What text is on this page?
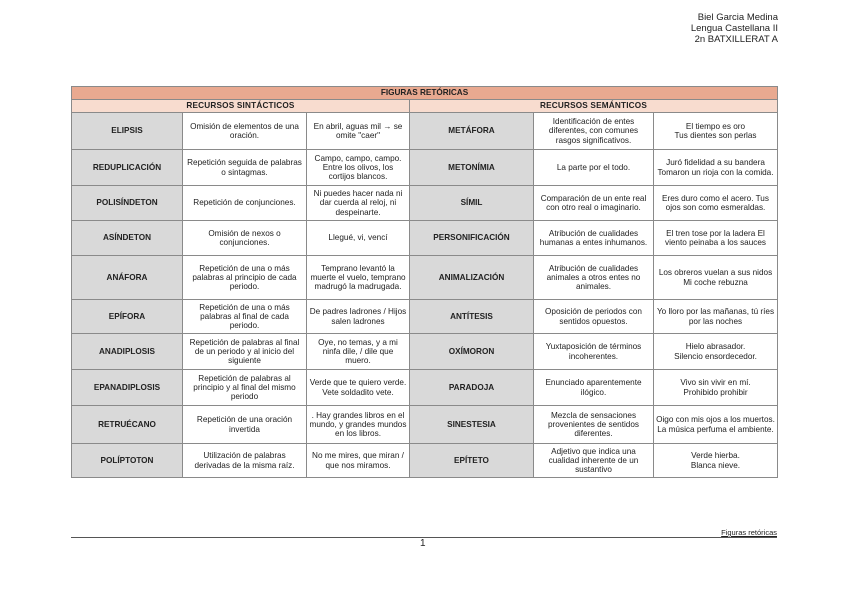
Biel Garcia Medina
Lengua Castellana II
2n BATXILLERAT A
FIGURAS RETÓRICAS					
RECURSOS SINTÁCTICOS			RECURSOS SEMÁNTICOS		
ELIPSIS	Omisión de elementos de una oración.	En abril, aguas mil → se omite "caer"	METÁFORA	Identificación de entes diferentes, con comunes rasgos significativos.	El tiempo es oro
Tus dientes son perlas
REDUPLICACIÓN	Repetición seguida de palabras o sintagmas.	Campo, campo, campo.
Entre los olivos, los cortijos blancos.	METONÍMIA	La parte por el todo.	Juró fidelidad a su bandera
Tomaron un rioja con la comida.
POLISÍNDETON	Repetición de conjunciones.	Ni puedes hacer nada ni dar cuerda al reloj, ni despeinarte.	SÍMIL	Comparación de un ente real con otro real o imaginario.	Eres duro como el acero. Tus ojos son como esmeraldas.
ASÍNDETON	Omisión de nexos o conjunciones.	Llegué, vi, vencí	PERSONIFICACIÓN	Atribución de cualidades humanas a entes inhumanos.	El tren tose por la ladera El viento peinaba a los sauces
ANÁFORA	Repetición de una o más palabras al principio de cada periodo.	Temprano levantó la muerte el vuelo, temprano madrugó la madrugada.	ANIMALIZACIÓN	Atribución de cualidades animales a otros entes no animales.	Los obreros vuelan a sus nidos
Mi coche rebuzna
EPÍFORA	Repetición de una o más palabras al final de cada periodo.	De padres ladrones / Hijos salen ladrones	ANTÍTESIS	Oposición de periodos con sentidos opuestos.	Yo lloro por las mañanas, tú ríes por las noches
ANADIPLOSIS	Repetición de palabras al final de un periodo y al inicio del siguiente	Oye, no temas, y a mi ninfa dile, / dile que muero.	OXÍMORON	Yuxtaposición de términos incoherentes.	Hielo abrasador.
Silencio ensordecedor.
EPANADIPLOSIS	Repetición de palabras al principio y al final del mismo periodo	Verde que te quiero verde.
Vete soldadito vete.	PARADOJA	Enunciado aparentemente ilógico.	Vivo sin vivir en mí.
Prohibido prohibir
RETRUÉCANO	Repetición de una oración invertida	. Hay grandes libros en el mundo, y grandes mundos en los libros.	SINESTESIA	Mezcla de sensaciones provenientes de sentidos diferentes.	Oigo con mis ojos a los muertos. La música perfuma el ambiente.
POLÍPTOTON	Utilización de palabras derivadas de la misma raíz.	No me mires, que miran / que nos miramos.	EPÍTETO	Adjetivo que indica una cualidad inherente de un sustantivo	Verde hierba.
Blanca nieve.
Figuras retóricas
1
